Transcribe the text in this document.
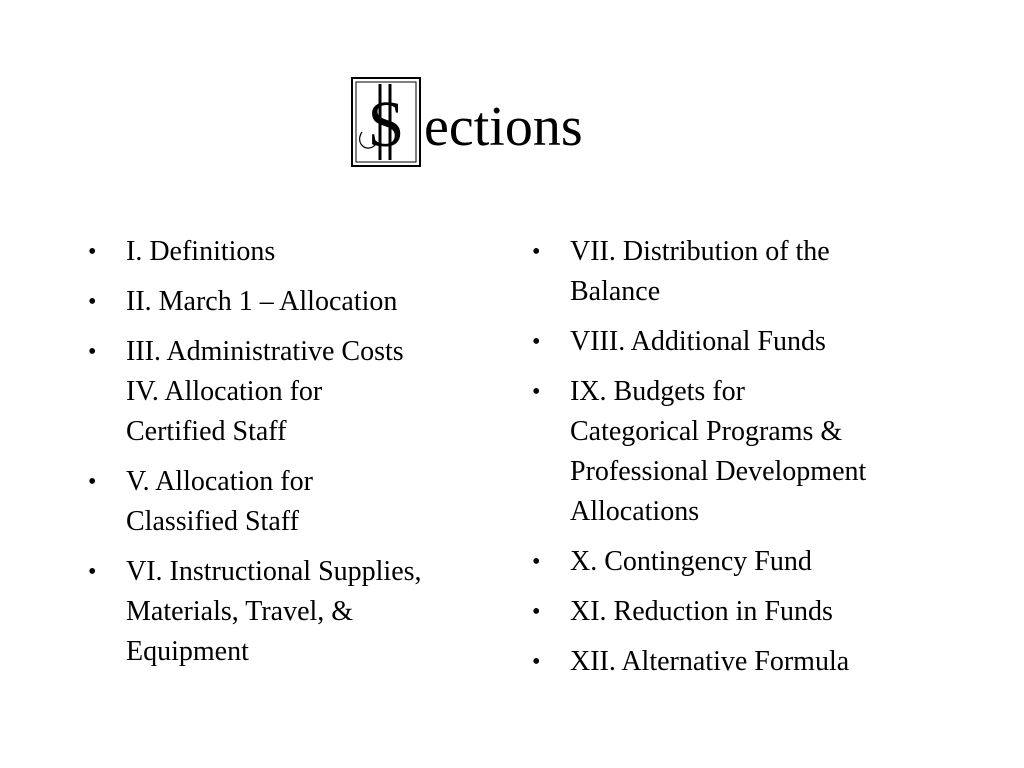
S ections
• I. Definitions
• II. March 1 – Allocation
• III. Administrative Costs
IV. Allocation for
Certified Staff
• V. Allocation for
Classified Staff
• VI. Instructional Supplies,
Materials, Travel, &
Equipment
• VII. Distribution of the
Balance
• VIII. Additional Funds
• IX. Budgets for
Categorical Programs &
Professional Development
Allocations
• X. Contingency Fund
• XI. Reduction in Funds
• XII. Alternative Formula
